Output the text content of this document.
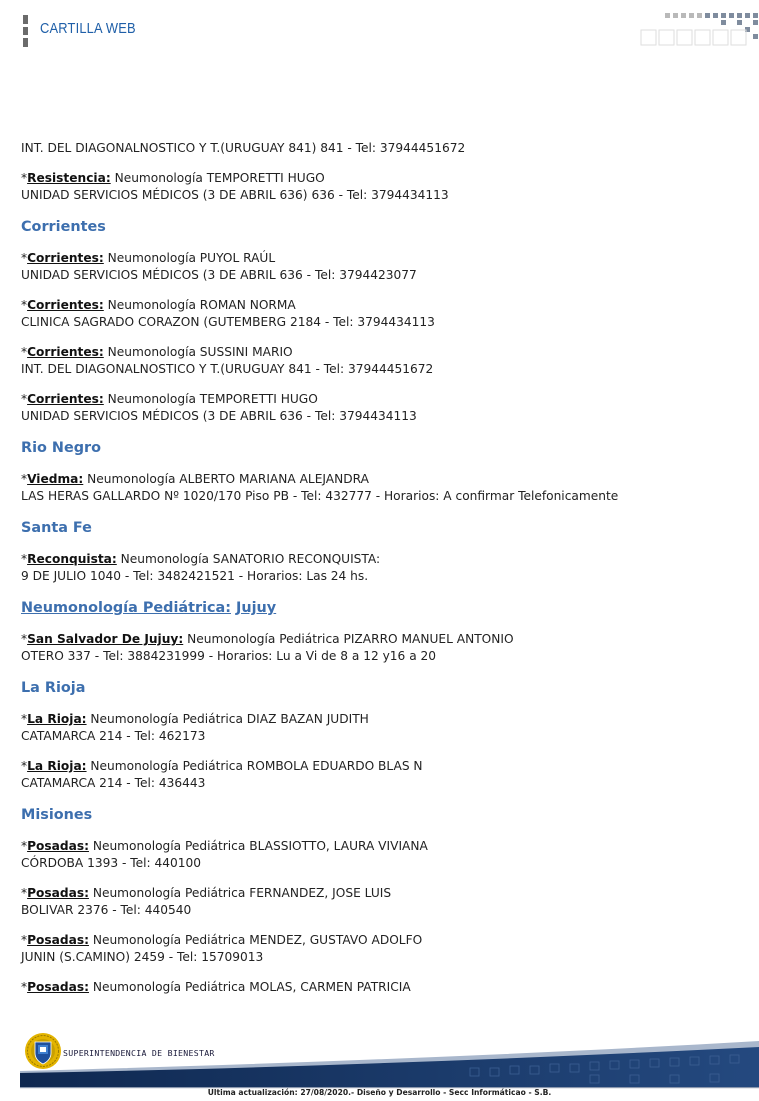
CARTILLA WEB
INT. DEL DIAGONALNOSTICO Y T.(URUGUAY 841) 841 - Tel: 37944451672
*Resistencia: Neumonología TEMPORETTI HUGO
UNIDAD SERVICIOS MÉDICOS (3 DE ABRIL 636) 636 - Tel: 3794434113
Corrientes
*Corrientes: Neumonología PUYOL RAÚL
UNIDAD SERVICIOS MÉDICOS (3 DE ABRIL 636 - Tel: 3794423077
*Corrientes: Neumonología ROMAN NORMA
CLINICA SAGRADO CORAZON (GUTEMBERG 2184 - Tel: 3794434113
*Corrientes: Neumonología SUSSINI MARIO
INT. DEL DIAGONALNOSTICO Y T.(URUGUAY 841 - Tel: 37944451672
*Corrientes: Neumonología TEMPORETTI HUGO
UNIDAD SERVICIOS MÉDICOS (3 DE ABRIL 636 - Tel: 3794434113
Rio Negro
*Viedma: Neumonología ALBERTO MARIANA ALEJANDRA
LAS HERAS GALLARDO Nº 1020/170 Piso PB - Tel: 432777 - Horarios: A confirmar Telefonicamente
Santa Fe
*Reconquista: Neumonología SANATORIO RECONQUISTA:
9 DE JULIO 1040 - Tel: 3482421521 - Horarios: Las 24 hs.
Neumonología Pediátrica: Jujuy
*San Salvador De Jujuy: Neumonología Pediátrica PIZARRO MANUEL ANTONIO
OTERO 337 - Tel: 3884231999 - Horarios: Lu a Vi de 8 a 12 y16 a 20
La Rioja
*La Rioja: Neumonología Pediátrica DIAZ BAZAN JUDITH
CATAMARCA 214 - Tel: 462173
*La Rioja: Neumonología Pediátrica ROMBOLA EDUARDO BLAS N
CATAMARCA 214 - Tel: 436443
Misiones
*Posadas: Neumonología Pediátrica BLASSIOTTO, LAURA VIVIANA
CÓRDOBA 1393 - Tel: 440100
*Posadas: Neumonología Pediátrica FERNANDEZ, JOSE LUIS
BOLIVAR 2376 - Tel: 440540
*Posadas: Neumonología Pediátrica MENDEZ, GUSTAVO ADOLFO
JUNIN (S.CAMINO) 2459 - Tel: 15709013
*Posadas: Neumonología Pediátrica MOLAS, CARMEN PATRICIA
SUPERINTENDENCIA DE BIENESTAR
Ultima actualización: 27/08/2020.- Diseño y Desarrollo - Secc Informáticao - S.B.
